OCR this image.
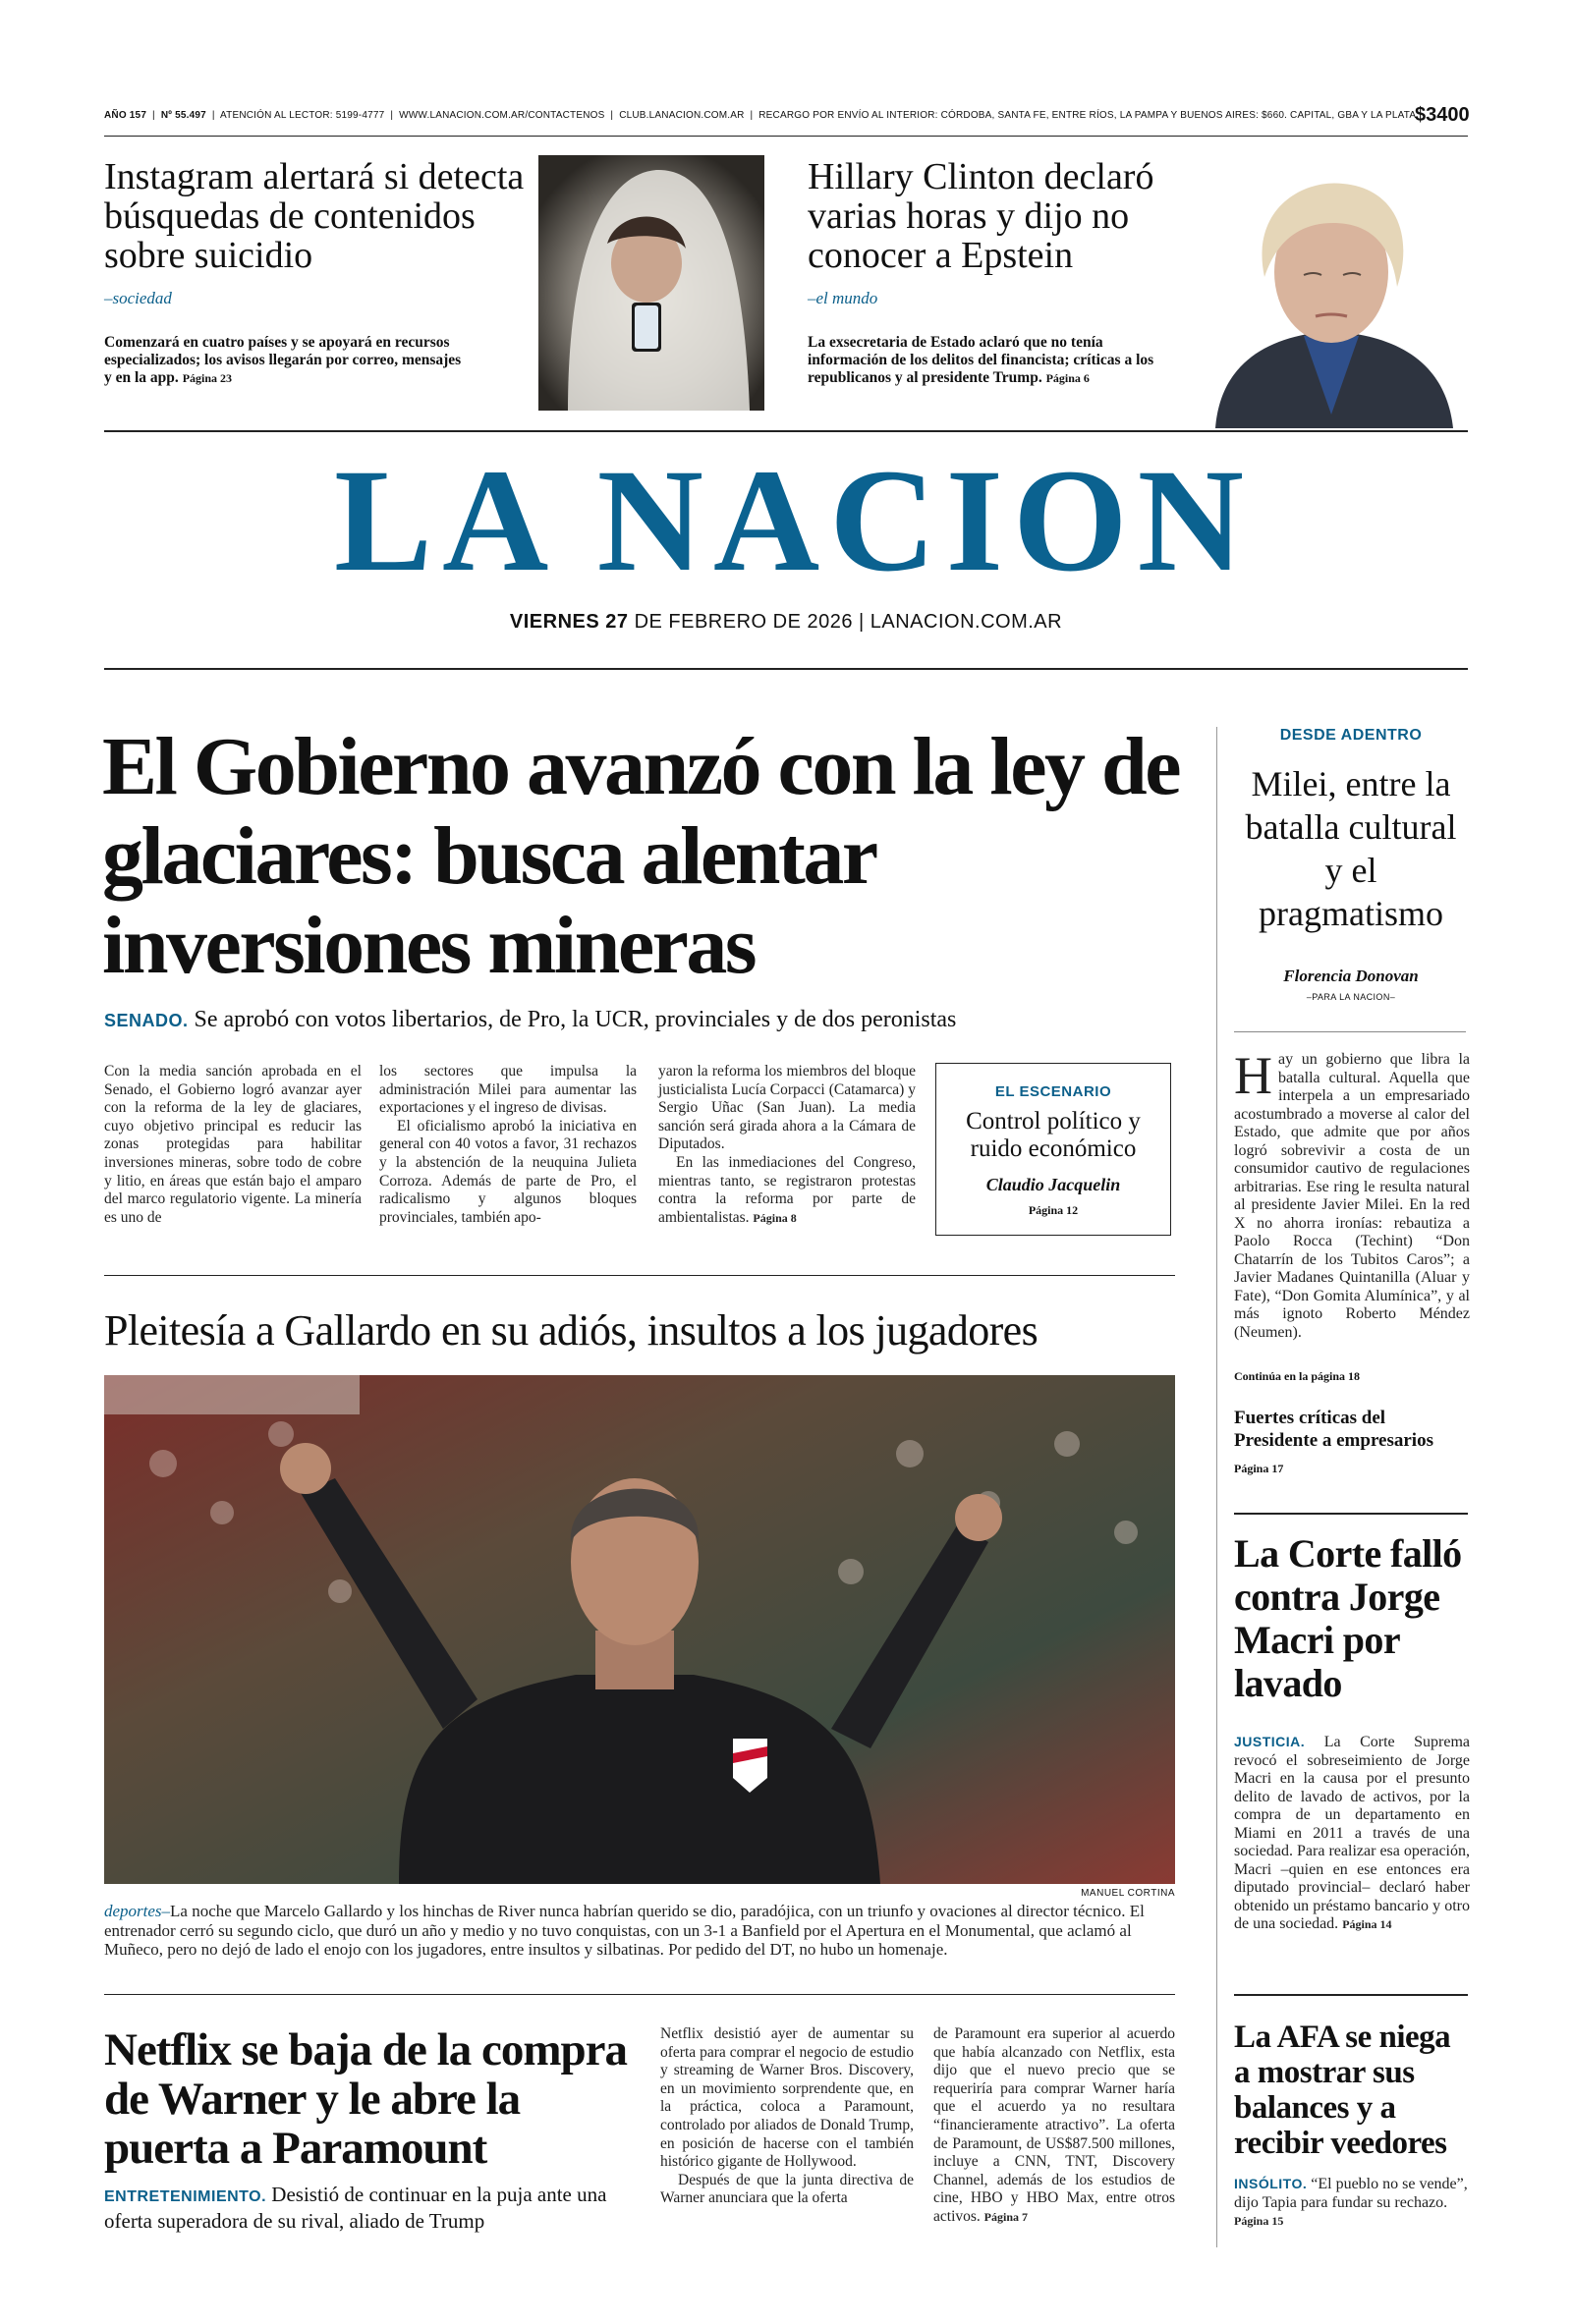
AÑO 157  |  Nº 55.497  |  ATENCIÓN AL LECTOR: 5199-4777  |  WWW.LANACION.COM.AR/CONTACTENOS  |  CLUB.LANACION.COM.AR  |  RECARGO POR ENVÍO AL INTERIOR: CÓRDOBA, SANTA FE, ENTRE RÍOS, LA PAMPA Y BUENOS AIRES: $660. CAPITAL, GBA Y LA PLATA
$3400
Instagram alertará si detecta búsquedas de contenidos sobre suicidio
–sociedad
Comenzará en cuatro países y se apoyará en recursos especializados; los avisos llegarán por correo, mensajes y en la app. Página 23
Hillary Clinton declaró varias horas y dijo no conocer a Epstein
–el mundo
La exsecretaria de Estado aclaró que no tenía información de los delitos del financista; críticas a los republicanos y al presidente Trump. Página 6
LA NACION
VIERNES 27 DE FEBRERO DE 2026 | LANACION.COM.AR
El Gobierno avanzó con la ley de glaciares: busca alentar inversiones mineras
SENADO. Se aprobó con votos libertarios, de Pro, la UCR, provinciales y de dos peronistas

Con la media sanción aprobada en el Senado, el Gobierno logró avanzar ayer con la reforma de la ley de glaciares, cuyo objetivo principal es reducir las zonas protegidas para habilitar inversiones mineras, sobre todo de cobre y litio, en áreas que están bajo el amparo del marco regulatorio vigente. La minería es uno de

los sectores que impulsa la administración Milei para aumentar las exportaciones y el ingreso de divisas.

El oficialismo aprobó la iniciativa en general con 40 votos a favor, 31 rechazos y la abstención de la neuquina Julieta Corroza. Además de parte de Pro, el radicalismo y algunos bloques provinciales, también apo-

yaron la reforma los miembros del bloque justicialista Lucía Corpacci (Catamarca) y Sergio Uñac (San Juan). La media sanción será girada ahora a la Cámara de Diputados.

En las inmediaciones del Congreso, mientras tanto, se registraron protestas contra la reforma por parte de ambientalistas. Página 8

EL ESCENARIO
Control político y ruido económico
Claudio Jacquelin
Página 12
Pleitesía a Gallardo en su adiós, insultos a los jugadores
MANUEL CORTINA
deportes–La noche que Marcelo Gallardo y los hinchas de River nunca habrían querido se dio, paradójica, con un triunfo y ovaciones al director técnico. El entrenador cerró su segundo ciclo, que duró un año y medio y no tuvo conquistas, con un 3-1 a Banfield por el Apertura en el Monumental, que aclamó al Muñeco, pero no dejó de lado el enojo con los jugadores, entre insultos y silbatinas. Por pedido del DT, no hubo un homenaje.
Netflix se baja de la compra de Warner y le abre la puerta a Paramount
ENTRETENIMIENTO. Desistió de continuar en la puja ante una oferta superadora de su rival, aliado de Trump

Netflix desistió ayer de aumentar su oferta para comprar el negocio de estudio y streaming de Warner Bros. Discovery, en un movimiento sorprendente que, en la práctica, coloca a Paramount, controlado por aliados de Donald Trump, en posición de hacerse con el también histórico gigante de Hollywood.

Después de que la junta directiva de Warner anunciara que la oferta

de Paramount era superior al acuerdo que había alcanzado con Netflix, esta dijo que el nuevo precio que se requeriría para comprar Warner haría que el acuerdo ya no resultara “financieramente atractivo”. La oferta de Paramount, de US$87.500 millones, incluye a CNN, TNT, Discovery Channel, además de los estudios de cine, HBO y HBO Max, entre otros activos. Página 7

DESDE ADENTRO
Milei, entre la batalla cultural y el pragmatismo
Florencia Donovan
–PARA LA NACION–
Hay un gobierno que libra la batalla cultural. Aquella que interpela a un empresariado acostumbrado a moverse al calor del Estado, que admite que por años logró sobrevivir a costa de un consumidor cautivo de regulaciones arbitrarias. Ese ring le resulta natural al presidente Javier Milei. En la red X no ahorra ironías: rebautiza a Paolo Rocca (Techint) “Don Chatarrín de los Tubitos Caros”; a Javier Madanes Quintanilla (Aluar y Fate), “Don Gomita Alumínica”, y al más ignoto Roberto Méndez (Neumen).
Continúa en la página 18
Fuertes críticas del Presidente a empresarios
Página 17
La Corte falló contra Jorge Macri por lavado
JUSTICIA. La Corte Suprema revocó el sobreseimiento de Jorge Macri en la causa por el presunto delito de lavado de activos, por la compra de un departamento en Miami en 2011 a través de una sociedad. Para realizar esa operación, Macri –quien en ese entonces era diputado provincial– declaró haber obtenido un préstamo bancario y otro de una sociedad. Página 14
La AFA se niega a mostrar sus balances y a recibir veedores
INSÓLITO. “El pueblo no se vende”, dijo Tapia para fundar su rechazo. Página 15
